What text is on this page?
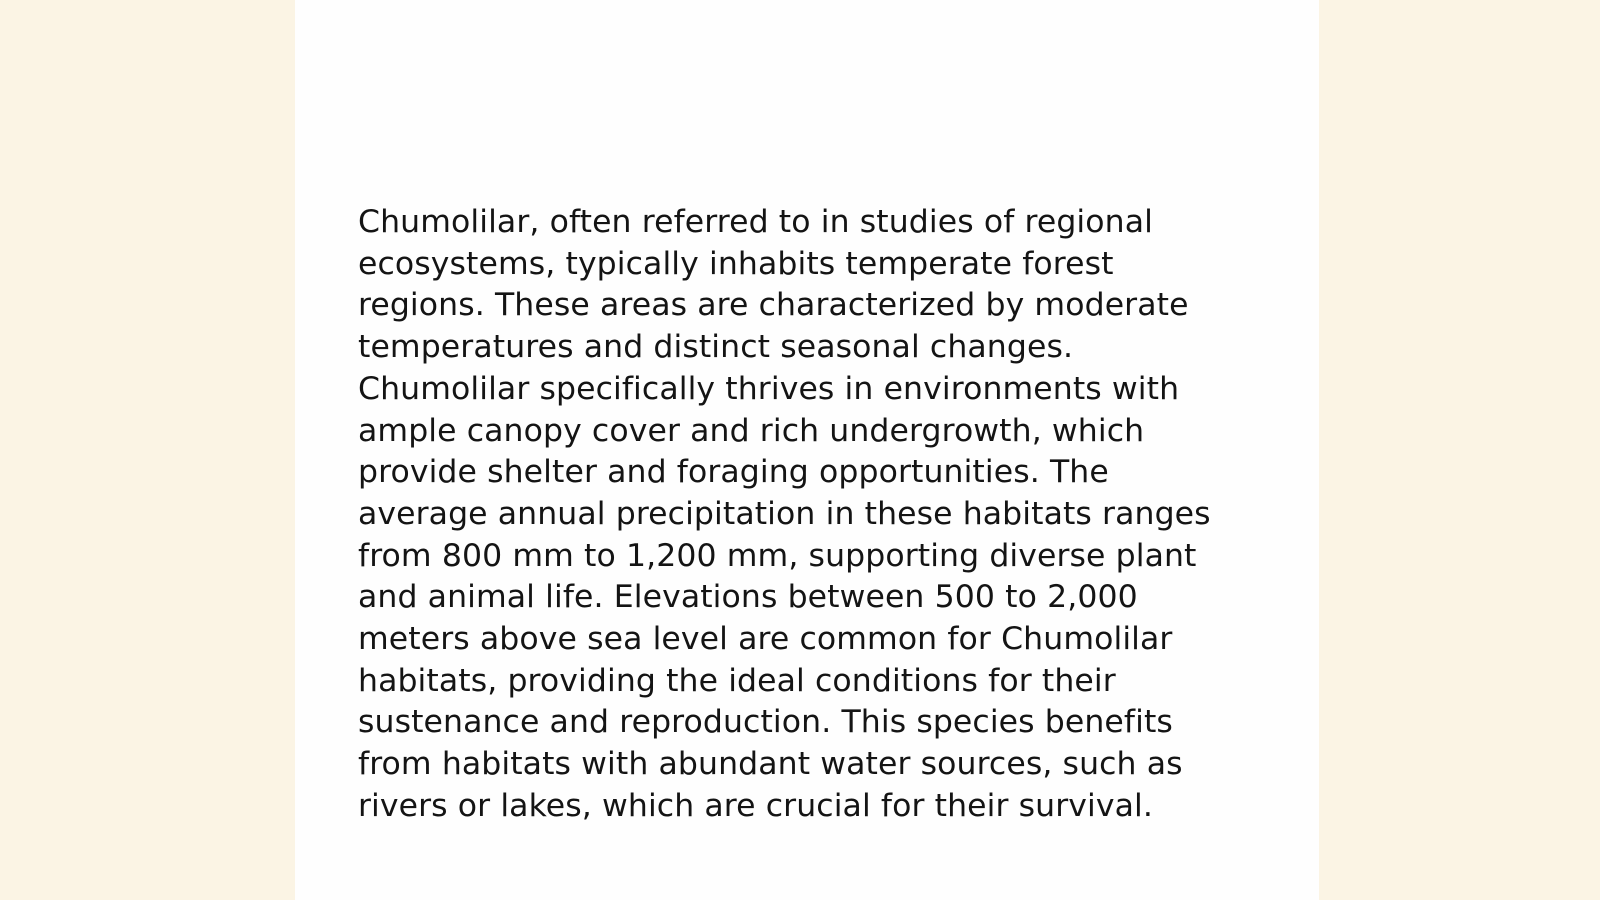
Chumolilar, often referred to in studies of regional
ecosystems, typically inhabits temperate forest
regions. These areas are characterized by moderate
temperatures and distinct seasonal changes.
Chumolilar specifically thrives in environments with
ample canopy cover and rich undergrowth, which
provide shelter and foraging opportunities. The
average annual precipitation in these habitats ranges
from 800 mm to 1,200 mm, supporting diverse plant
and animal life. Elevations between 500 to 2,000
meters above sea level are common for Chumolilar
habitats, providing the ideal conditions for their
sustenance and reproduction. This species benefits
from habitats with abundant water sources, such as
rivers or lakes, which are crucial for their survival.
